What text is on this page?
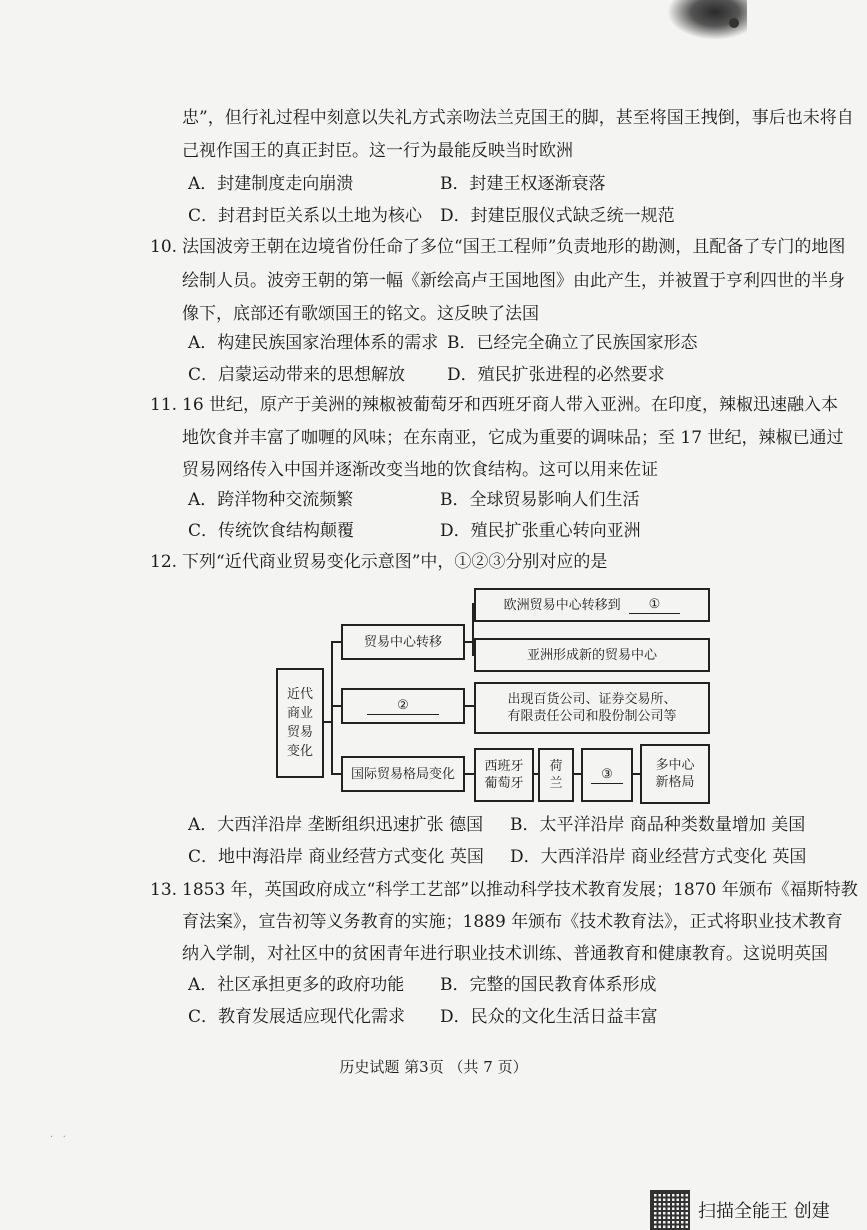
忠”，但行礼过程中刻意以失礼方式亲吻法兰克国王的脚，甚至将国王拽倒，事后也未将自
己视作国王的真正封臣。这一行为最能反映当时欧洲
A．封建制度走向崩溃	B．封建王权逐渐衰落
C．封君封臣关系以土地为核心 D．封建臣服仪式缺乏统一规范
10. 法国波旁王朝在边境省份任命了多位“国王工程师”负责地形的勘测，且配备了专门的地图
绘制人员。波旁王朝的第一幅《新绘高卢王国地图》由此产生，并被置于亨利四世的半身
像下，底部还有歌颂国王的铭文。这反映了法国
A．构建民族国家治理体系的需求 B．已经完全确立了民族国家形态
C．启蒙运动带来的思想解放 D．殖民扩张进程的必然要求
11. 16 世纪，原产于美洲的辣椒被葡萄牙和西班牙商人带入亚洲。在印度，辣椒迅速融入本
地饮食并丰富了咖喱的风味；在东南亚，它成为重要的调味品；至 17 世纪，辣椒已通过
贸易网络传入中国并逐渐改变当地的饮食结构。这可以用来佐证
A．跨洋物种交流频繁	B．全球贸易影响人们生活
C．传统饮食结构颠覆	D．殖民扩张重心转向亚洲
12. 下列“近代商业贸易变化示意图”中，①②③分别对应的是
近代
商业
贸易
变化
贸易中心转移
②
国际贸易格局变化
欧洲贸易中心转移到	①
亚洲形成新的贸易中心
出现百货公司、证券交易所、
有限责任公司和股份制公司等
西班牙
葡萄牙
荷
兰
③
多中心
新格局
A．大西洋沿岸 垄断组织迅速扩张 德国 B．太平洋沿岸 商品种类数量增加 美国
C．地中海沿岸 商业经营方式变化 英国 D．大西洋沿岸 商业经营方式变化 英国
13. 1853 年，英国政府成立“科学工艺部”以推动科学技术教育发展；1870 年颁布《福斯特教
育法案》，宣告初等义务教育的实施；1889 年颁布《技术教育法》，正式将职业技术教育
纳入学制，对社区中的贫困青年进行职业技术训练、普通教育和健康教育。这说明英国
A．社区承担更多的政府功能 B．完整的国民教育体系形成
C．教育发展适应现代化需求 D．民众的文化生活日益丰富
历史试题 第3页 （共 7 页）
·   ·
扫描全能王 创建
